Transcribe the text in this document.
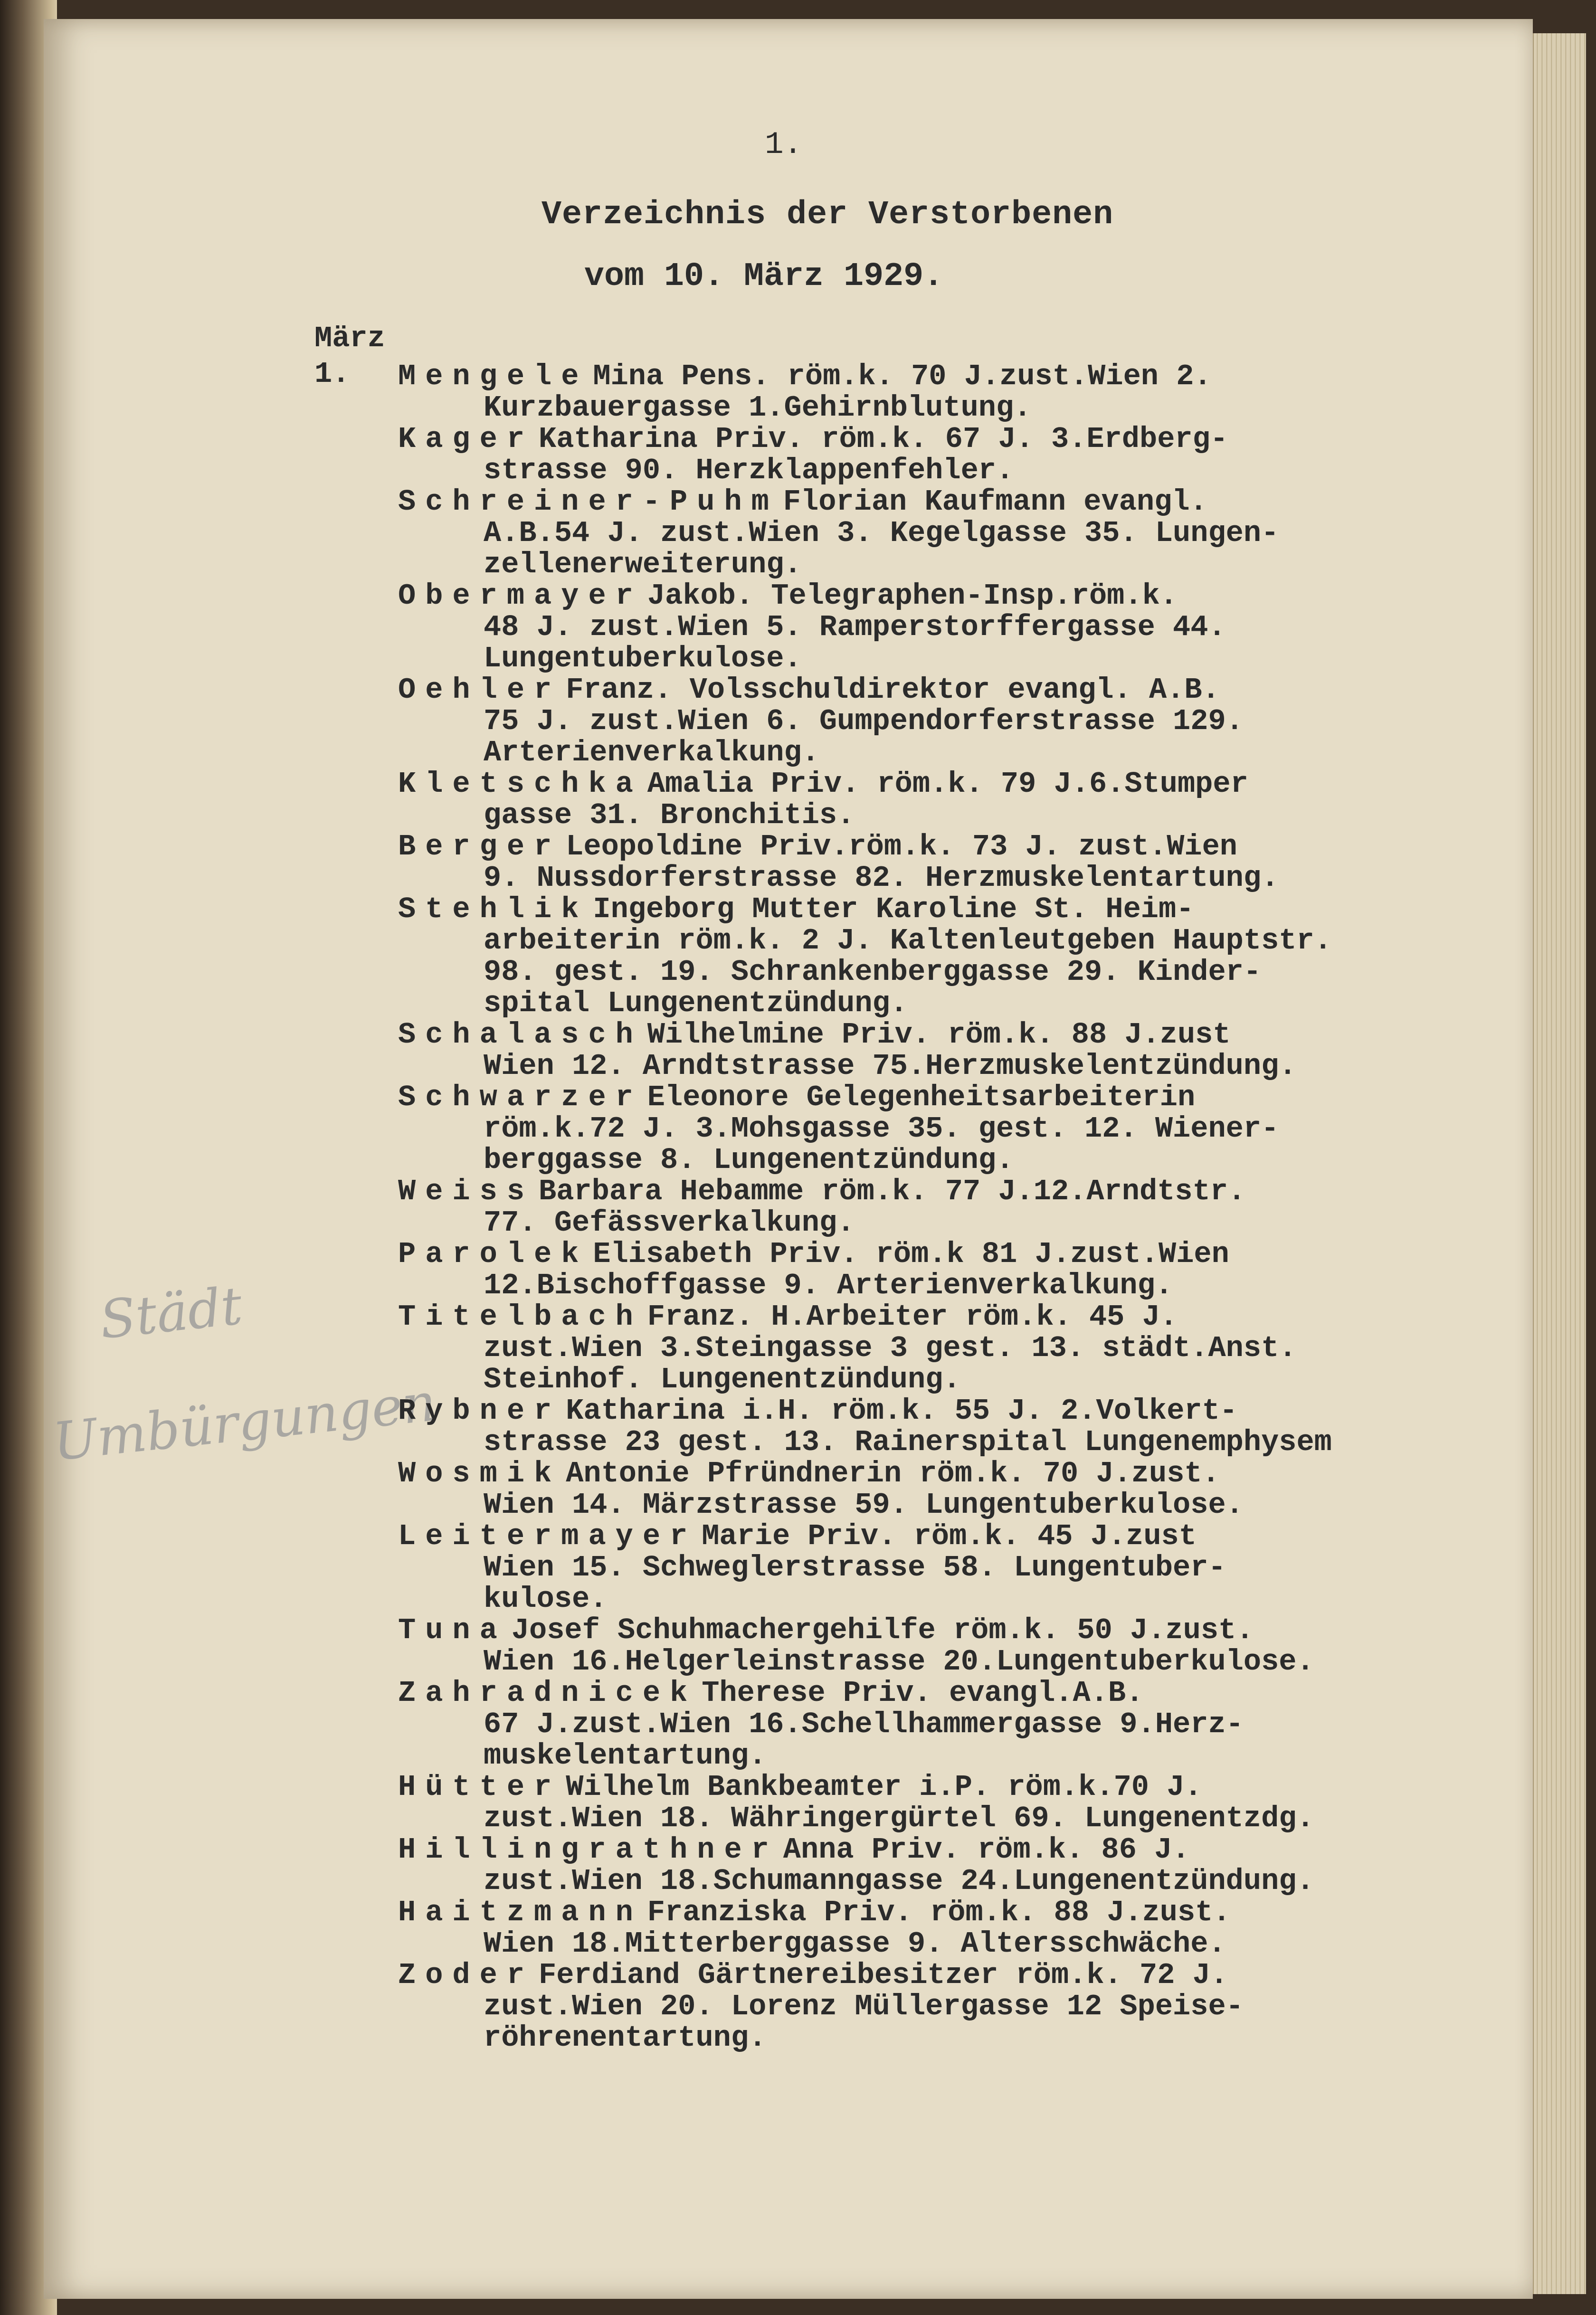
1.
Verzeichnis der Verstorbenen
vom 10. März 1929.
März
1.
Städt
Umbürgungen
Mengele Mina Pens. röm.k. 70 J.zust.Wien 2.
Kurzbauergasse 1.Gehirnblutung.
Kager Katharina Priv. röm.k. 67 J. 3.Erdberg-
strasse 90. Herzklappenfehler.
Schreiner-Puhm Florian Kaufmann evangl.
A.B.54 J. zust.Wien 3. Kegelgasse 35. Lungen-
zellenerweiterung.
Obermayer Jakob. Telegraphen-Insp.röm.k.
48 J. zust.Wien 5. Ramperstorffergasse 44.
Lungentuberkulose.
Oehler Franz. Volsschuldirektor evangl. A.B.
75 J. zust.Wien 6. Gumpendorferstrasse 129.
Arterienverkalkung.
Kletschka Amalia Priv. röm.k. 79 J.6.Stumper
gasse 31. Bronchitis.
Berger Leopoldine Priv.röm.k. 73 J. zust.Wien
9. Nussdorferstrasse 82. Herzmuskelentartung.
Stehlik Ingeborg Mutter Karoline St. Heim-
arbeiterin röm.k. 2 J. Kaltenleutgeben Hauptstr.
98. gest. 19. Schrankenberggasse 29. Kinder-
spital Lungenentzündung.
Schalasch Wilhelmine Priv. röm.k. 88 J.zust
Wien 12. Arndtstrasse 75.Herzmuskelentzündung.
Schwarzer Eleonore Gelegenheitsarbeiterin
röm.k.72 J. 3.Mohsgasse 35. gest. 12. Wiener-
berggasse 8. Lungenentzündung.
Weiss Barbara Hebamme röm.k. 77 J.12.Arndtstr.
77. Gefässverkalkung.
Parolek Elisabeth Priv. röm.k 81 J.zust.Wien
12.Bischoffgasse 9. Arterienverkalkung.
Titelbach Franz. H.Arbeiter röm.k. 45 J.
zust.Wien 3.Steingasse 3 gest. 13. städt.Anst.
Steinhof. Lungenentzündung.
Rybner Katharina i.H. röm.k. 55 J. 2.Volkert-
strasse 23 gest. 13. Rainerspital Lungenemphysem
Wosmik Antonie Pfründnerin röm.k. 70 J.zust.
Wien 14. Märzstrasse 59. Lungentuberkulose.
Leitermayer Marie Priv. röm.k. 45 J.zust
Wien 15. Schweglerstrasse 58. Lungentuber-
kulose.
Tuna Josef Schuhmachergehilfe röm.k. 50 J.zust.
Wien 16.Helgerleinstrasse 20.Lungentuberkulose.
Zahradnicek Therese Priv. evangl.A.B.
67 J.zust.Wien 16.Schellhammergasse 9.Herz-
muskelentartung.
Hütter Wilhelm Bankbeamter i.P. röm.k.70 J.
zust.Wien 18. Währingergürtel 69. Lungenentzdg.
Hillingrathner Anna Priv. röm.k. 86 J.
zust.Wien 18.Schumanngasse 24.Lungenentzündung.
Haitzmann Franziska Priv. röm.k. 88 J.zust.
Wien 18.Mitterberggasse 9. Altersschwäche.
Zoder Ferdiand Gärtnereibesitzer röm.k. 72 J.
zust.Wien 20. Lorenz Müllergasse 12 Speise-
röhrenentartung.
